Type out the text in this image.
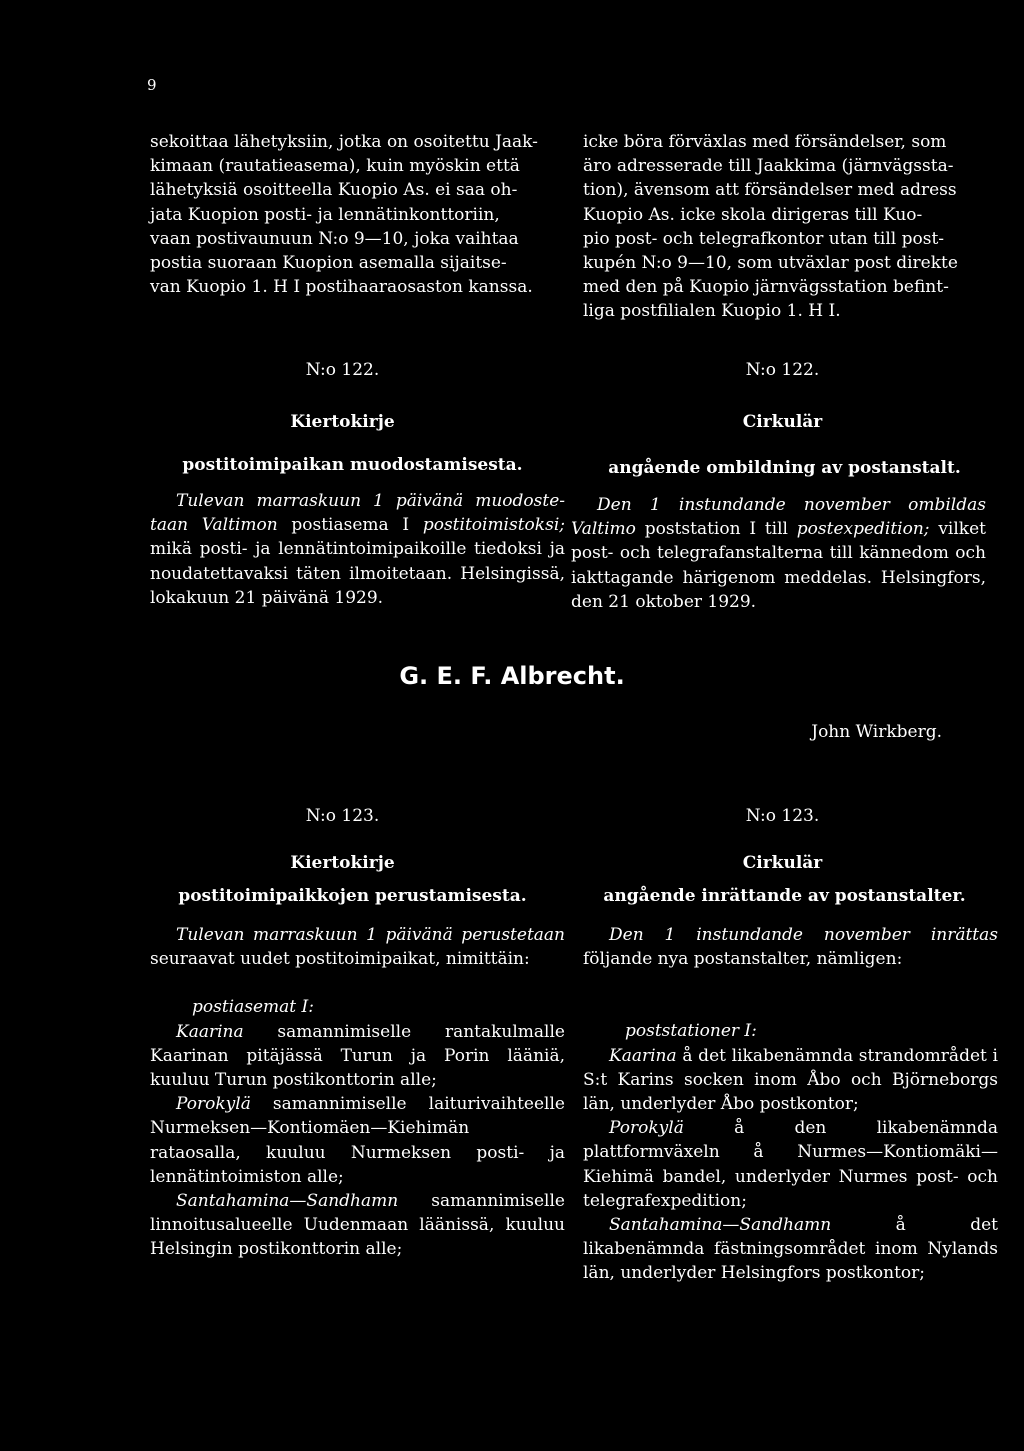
9
sekoittaa lähetyksiin, jotka on osoitettu Jaak-
kimaan (rautatieasema), kuin myöskin että
lähetyksiä osoitteella Kuopio As. ei saa oh-
jata Kuopion posti- ja lennätinkonttoriin,
vaan postivaunuun N:o 9—10, joka vaihtaa
postia suoraan Kuopion asemalla sijaitse-
van Kuopio 1. H I postihaaraosaston kanssa.
icke böra förväxlas med försändelser, som
äro adresserade till Jaakkima (järnvägssta-
tion), ävensom att försändelser med adress
Kuopio As. icke skola dirigeras till Kuo-
pio post- och telegrafkontor utan till post-
kupén N:o 9—10, som utväxlar post direkte
med den på Kuopio järnvägsstation befint-
liga postfilialen Kuopio 1. H I.
N:o 122.	N:o 122.
Kiertokirje	Cirkulär
postitoimipaikan muodostamisesta.	angående ombildning av postanstalt.

Tulevan marraskuun 1 päivänä muodoste-taan Valtimon postiasema I postitoimistoksi; mikä posti- ja lennätintoimipaikoille tiedoksi ja noudatettavaksi täten ilmoitetaan. Helsingissä, lokakuun 21 päivänä 1929.

Den 1 instundande november ombildas Valtimo poststation I till postexpedition; vilket post- och telegrafanstalterna till kännedom och iakttagande härigenom meddelas. Helsingfors, den 21 oktober 1929.

G. E. F. Albrecht.
John Wirkberg.
N:o 123.	N:o 123.
Kiertokirje	Cirkulär
postitoimipaikkojen perustamisesta.	angående inrättande av postanstalter.

Tulevan marraskuun 1 päivänä perustetaan seuraavat uudet postitoimipaikat, nimittäin:

postiasemat I:

Kaarina samannimiselle rantakulmalle Kaarinan pitäjässä Turun ja Porin lääniä, kuuluu Turun postikonttorin alle;

Porokylä samannimiselle laiturivaihteelle Nurmeksen—Kontiomäen—Kiehimän rataosalla, kuuluu Nurmeksen posti- ja lennätintoimiston alle;

Santahamina—Sandhamn samannimiselle linnoitusalueelle Uudenmaan läänissä, kuuluu Helsingin postikonttorin alle;

Den 1 instundande november inrättas följande nya postanstalter, nämligen:

poststationer I:

Kaarina å det likabenämnda strandområdet i S:t Karins socken inom Åbo och Björneborgs län, underlyder Åbo postkontor;

Porokylä å den likabenämnda plattformväxeln å Nurmes—Kontiomäki—Kiehimä bandel, underlyder Nurmes post- och telegrafexpedition;

Santahamina—Sandhamn å det likabenämnda fästningsområdet inom Nylands län, underlyder Helsingfors postkontor;
